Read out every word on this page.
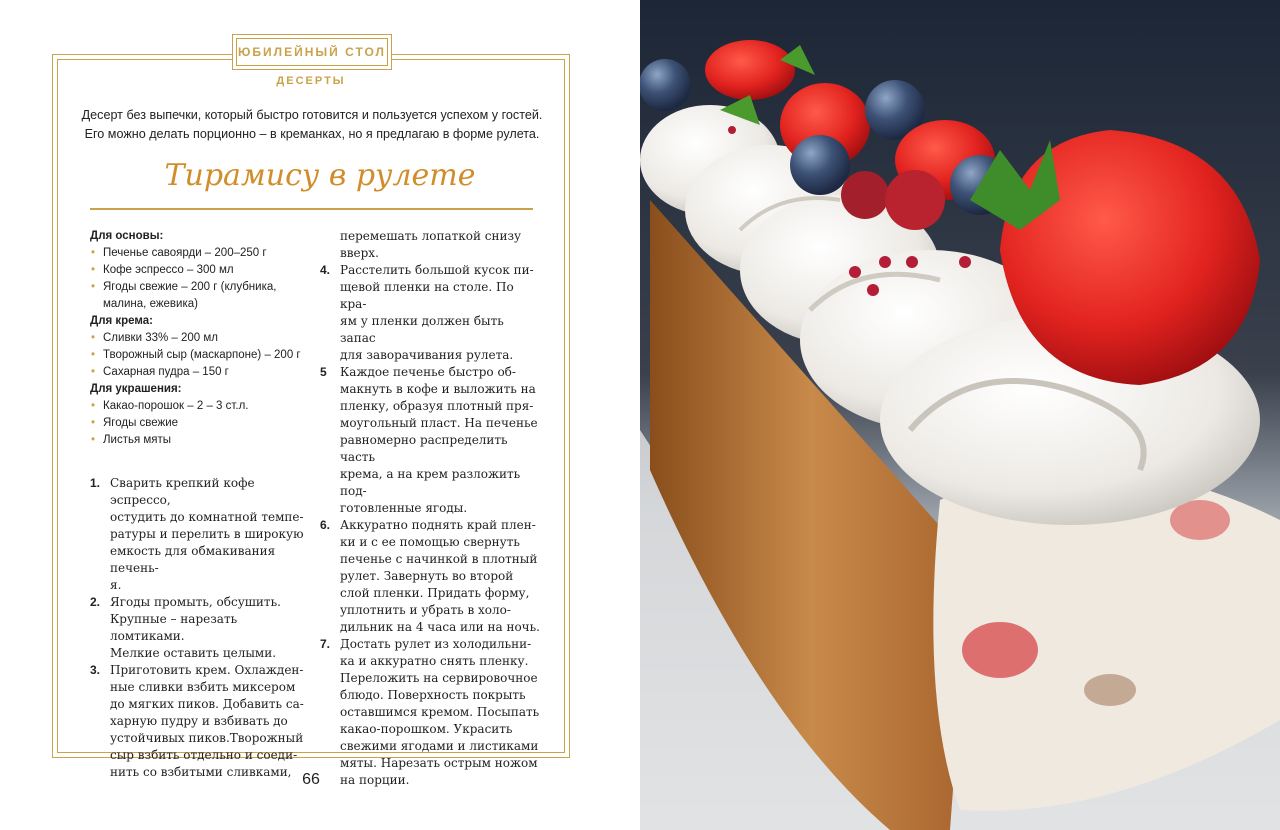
ЮБИЛЕЙНЫЙ СТОЛ
ДЕСЕРТЫ
Десерт без выпечки, который быстро готовится и пользуется успехом у гостей.
Его можно делать порционно – в креманках, но я предлагаю в форме рулета.
Тирамису в рулете
Для основы:
• Печенье савоярди – 200–250 г
• Кофе эспрессо – 300 мл
• Ягоды свежие – 200 г (клубника,
малина, ежевика)
Для крема:
• Сливки 33% – 200 мл
• Творожный сыр (маскарпоне) – 200 г
• Сахарная пудра – 150 г
Для украшения:
• Какао-порошок – 2 – 3 ст.л.
• Ягоды свежие
• Листья мяты
1. Сварить крепкий кофе эспрессо,
остудить до комнатной темпе-
ратуры и перелить в широкую
емкость для обмакивания печень-
я.
2. Ягоды промыть, обсушить.
Крупные – нарезать ломтиками.
Мелкие оставить целыми.
3. Приготовить крем. Охлажден-
ные сливки взбить миксером
до мягких пиков. Добавить са-
харную пудру и взбивать до
устойчивых пиков.Творожный
сыр взбить отдельно и соеди-
нить со взбитыми сливками,
перемешать лопаткой снизу
вверх.
4. Расстелить большой кусок пи-
щевой пленки на столе. По кра-
ям у пленки должен быть запас
для заворачивания рулета.
5 Каждое печенье быстро об-
макнуть в кофе и выложить на
пленку, образуя плотный пря-
моугольный пласт. На печенье
равномерно распределить часть
крема, а на крем разложить под-
готовленные ягоды.
6. Аккуратно поднять край плен-
ки и с ее помощью свернуть
печенье с начинкой в плотный
рулет. Завернуть во второй
слой пленки. Придать форму,
уплотнить и убрать в холо-
дильник на 4 часа или на ночь.
7. Достать рулет из холодильни-
ка и аккуратно снять пленку.
Переложить на сервировочное
блюдо. Поверхность покрыть
оставшимся кремом. Посыпать
какао-порошком. Украсить
свежими ягодами и листиками
мяты. Нарезать острым ножом
на порции.
66
